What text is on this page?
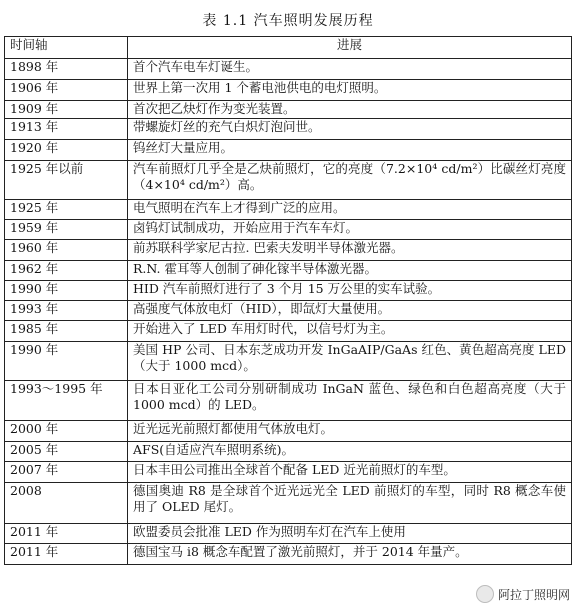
表 1.1 汽车照明发展历程
时间轴	进展
1898 年	首个汽车电车灯诞生。
1906 年	世界上第一次用 1 个蓄电池供电的电灯照明。
1909 年	首次把乙炔灯作为变光装置。
1913 年	带螺旋灯丝的充气白炽灯泡问世。
1920 年	钨丝灯大量应用。
1925 年以前	汽车前照灯几乎全是乙炔前照灯，它的亮度（7.2×10⁴ cd/m²）比碳丝灯亮度（4×10⁴ cd/m²）高。
1925 年	电气照明在汽车上才得到广泛的应用。
1959 年	卤钨灯试制成功，开始应用于汽车车灯。
1960 年	前苏联科学家尼古拉. 巴索夫发明半导体激光器。
1962 年	R.N. 霍耳等人创制了砷化镓半导体激光器。
1990 年	HID 汽车前照灯进行了 3 个月 15 万公里的实车试验。
1993 年	高强度气体放电灯（HID），即氙灯大量使用。
1985 年	开始进入了 LED 车用灯时代，以信号灯为主。
1990 年	美国 HP 公司、日本东芝成功开发 InGaAIP/GaAs 红色、黄色超高亮度 LED（大于 1000 mcd）。
1993～1995 年	日本日亚化工公司分别研制成功 InGaN 蓝色、绿色和白色超高亮度（大于 1000 mcd）的 LED。
2000 年	近光远光前照灯都使用气体放电灯。
2005 年	AFS(自适应汽车照明系统)。
2007 年	日本丰田公司推出全球首个配备 LED 近光前照灯的车型。
2008	德国奥迪 R8 是全球首个近光远光全 LED 前照灯的车型，同时 R8 概念车使用了 OLED 尾灯。
2011 年	欧盟委员会批准 LED 作为照明车灯在汽车上使用
2011 年	德国宝马 i8 概念车配置了激光前照灯，并于 2014 年量产。
阿拉丁照明网
